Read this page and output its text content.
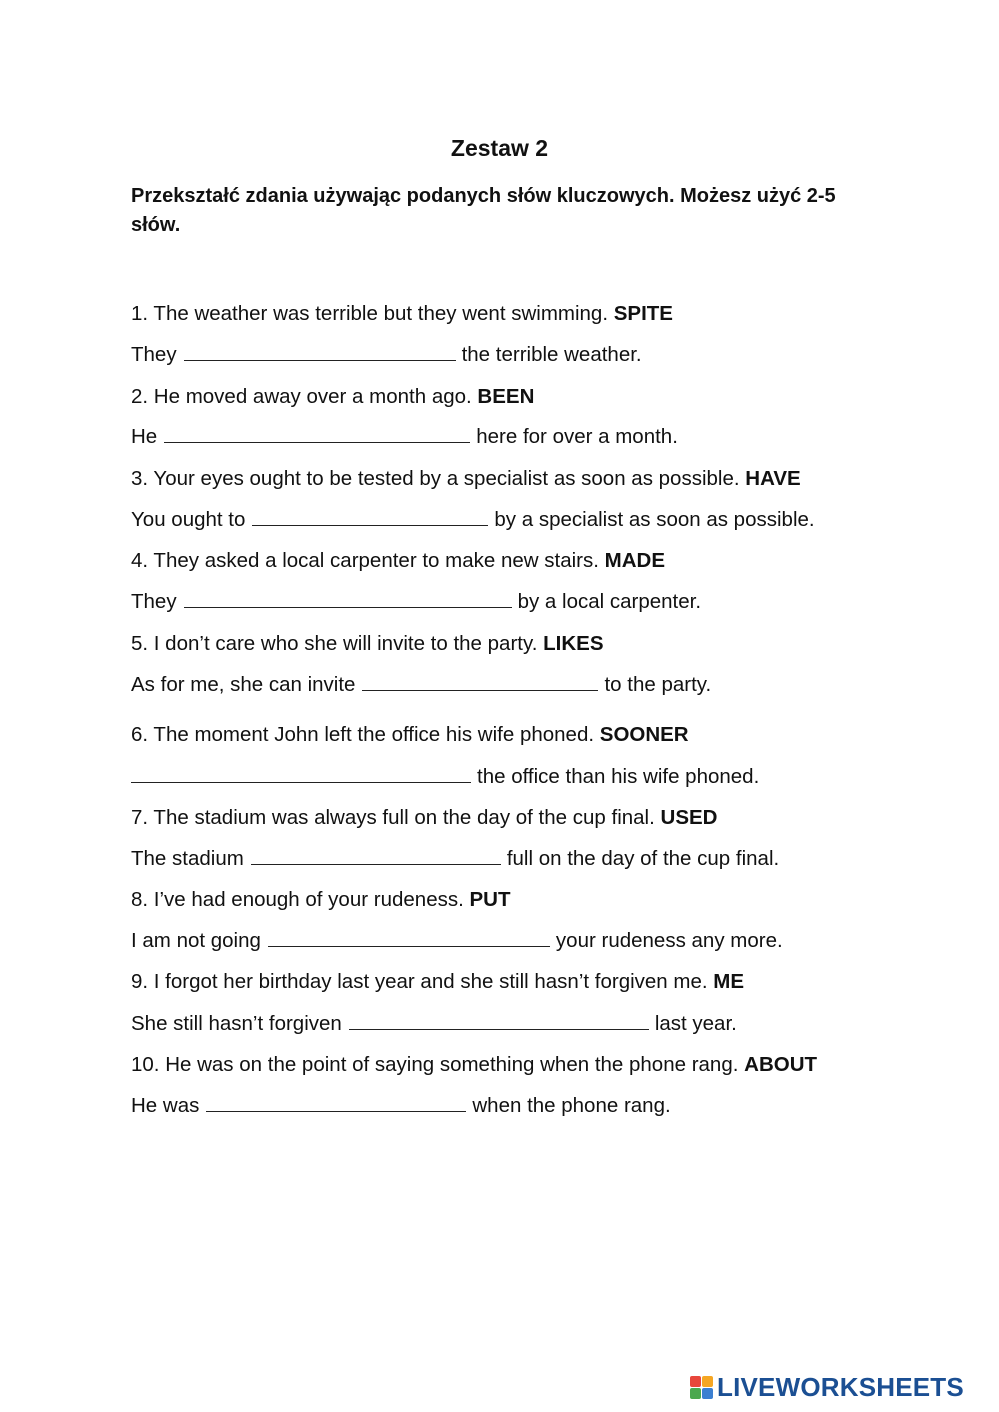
Zestaw 2

Przekształć zdania używając podanych słów kluczowych. Możesz użyć 2-5 słów.

1. The weather was terrible but they went swimming. SPITE

They	the terrible weather.

2. He moved away over a month ago. BEEN

He	here for over a month.

3. Your eyes ought to be tested by a specialist as soon as possible. HAVE

You ought to	by a specialist as soon as possible.

4. They asked a local carpenter to make new stairs. MADE

They	by a local carpenter.

5. I don’t care who she will invite to the party. LIKES

As for me, she can invite	to the party.

6. The moment John left the office his wife phoned. SOONER

the office than his wife phoned.

7. The stadium was always full on the day of the cup final. USED

The stadium	full on the day of the cup final.

8. I’ve had enough of your rudeness. PUT

I am not going	your rudeness any more.

9. I forgot her birthday last year and she still hasn’t forgiven me. ME

She still hasn’t forgiven	last year.

10. He was on the point of saying something when the phone rang. ABOUT

He was	when the phone rang.

LIVEWORKSHEETS
